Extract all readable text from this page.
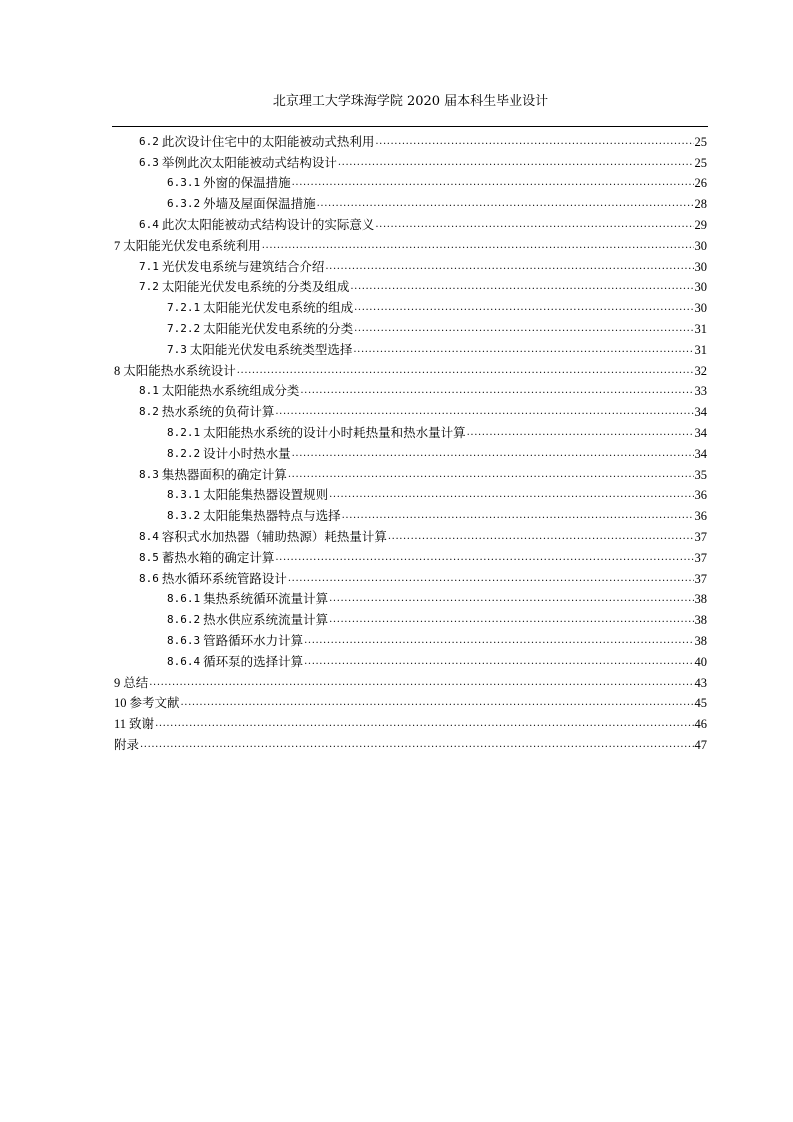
北京理工大学珠海学院 2020 届本科生毕业设计
6.2 此次设计住宅中的太阳能被动式热利用 .....	25
6.3 举例此次太阳能被动式结构设计 .....	25
6.3.1 外窗的保温措施 .....	26
6.3.2 外墙及屋面保温措施 .....	28
6.4 此次太阳能被动式结构设计的实际意义 .....	29
7 太阳能光伏发电系统利用 .....	30
7.1 光伏发电系统与建筑结合介绍 .....	30
7.2 太阳能光伏发电系统的分类及组成 .....	30
7.2.1 太阳能光伏发电系统的组成 .....	30
7.2.2 太阳能光伏发电系统的分类 .....	31
7.3 太阳能光伏发电系统类型选择 .....	31
8 太阳能热水系统设计 .....	32
8.1 太阳能热水系统组成分类 .....	33
8.2 热水系统的负荷计算 .....	34
8.2.1 太阳能热水系统的设计小时耗热量和热水量计算 .....	34
8.2.2 设计小时热水量 .....	34
8.3 集热器面积的确定计算 .....	35
8.3.1 太阳能集热器设置规则 .....	36
8.3.2 太阳能集热器特点与选择 .....	36
8.4 容积式水加热器（辅助热源）耗热量计算 .....	37
8.5 蓄热水箱的确定计算 .....	37
8.6 热水循环系统管路设计 .....	37
8.6.1 集热系统循环流量计算 .....	38
8.6.2 热水供应系统流量计算 .....	38
8.6.3 管路循环水力计算 .....	38
8.6.4 循环泵的选择计算 .....	40
9 总结 .....	43
10 参考文献 .....	45
11 致谢 .....	46
附录 .....	47
